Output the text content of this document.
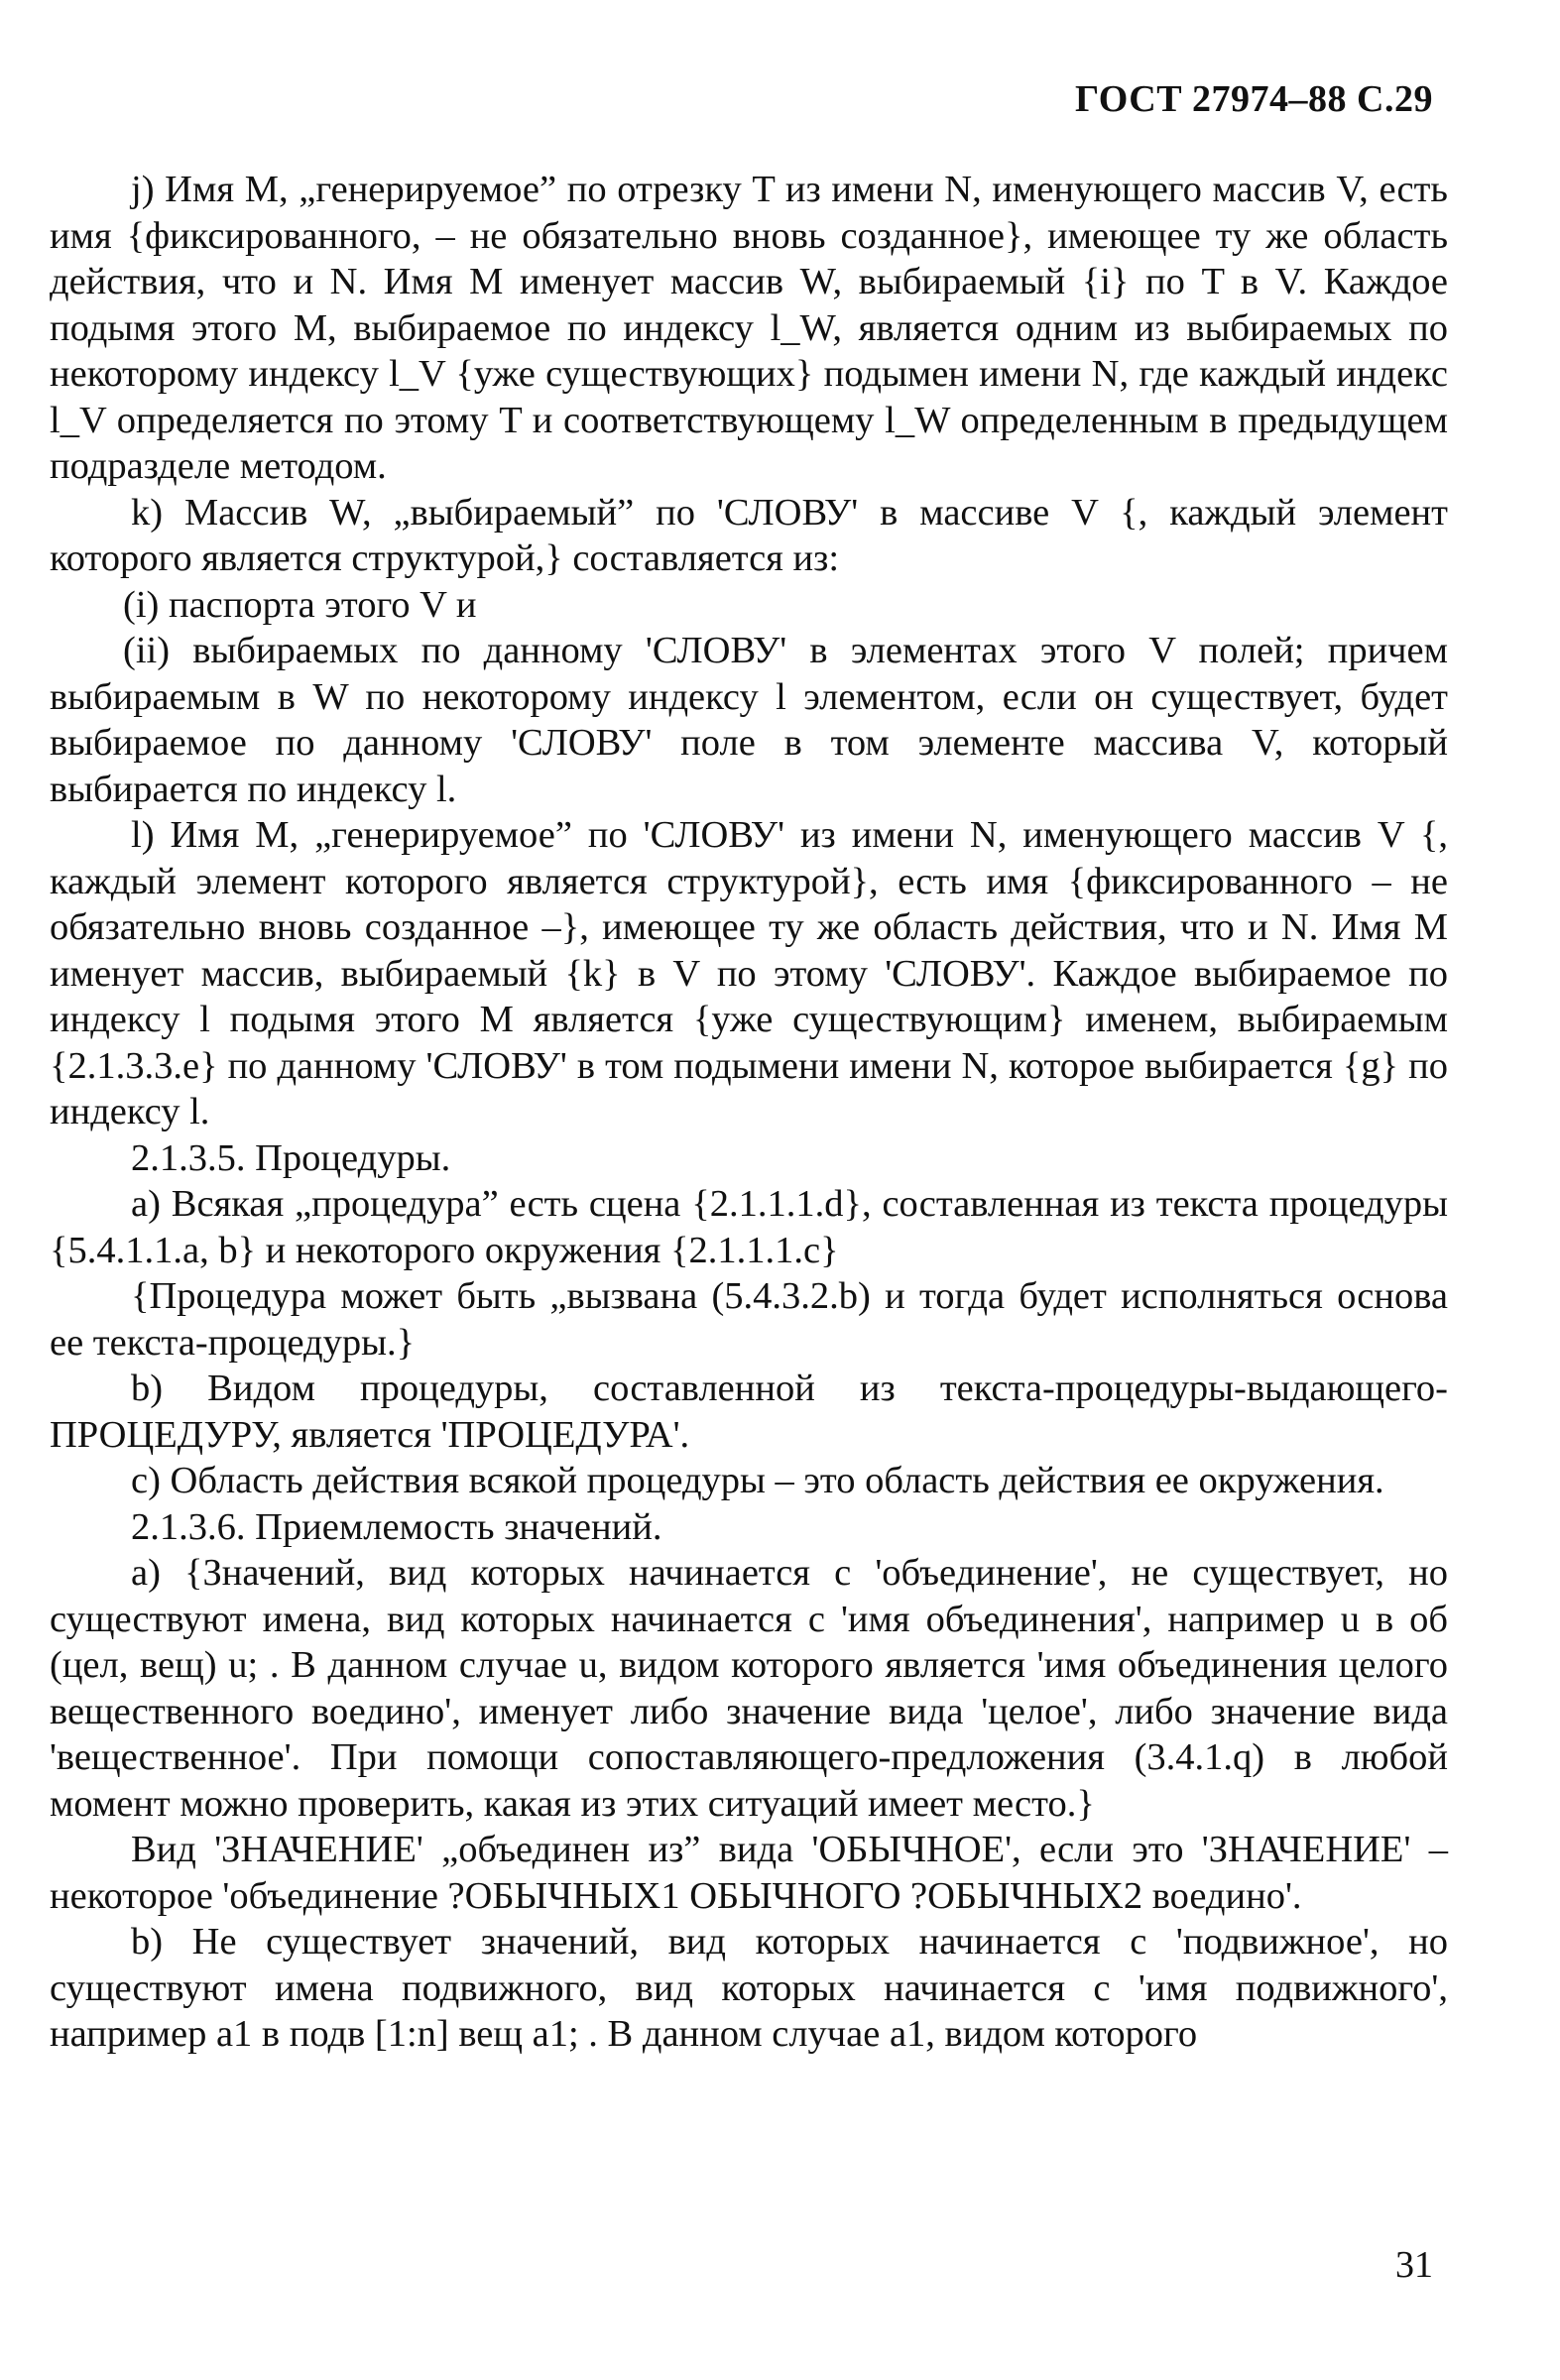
ГОСТ 27974–88 С.29

j) Имя M, „генерируемое” по отрезку T из имени N, именующего массив V, есть имя {фиксированного, – не обязательно вновь созданное}, имеющее ту же область действия, что и N. Имя M именует массив W, выбираемый {i} по T в V. Каждое подымя этого M, выбираемое по индексу l_W, является одним из выбираемых по некоторому индексу l_V {уже существующих} подымен имени N, где каждый индекс l_V определяется по этому T и соответствующему l_W определенным в предыдущем подразделе методом.

k) Массив W, „выбираемый” по 'СЛОВУ' в массиве V {, каждый элемент которого является структурой,} составляется из:

(i) паспорта этого V и

(ii) выбираемых по данному 'СЛОВУ' в элементах этого V полей; причем выбираемым в W по некоторому индексу l элементом, если он существует, будет выбираемое по данному 'СЛОВУ' поле в том элементе массива V, который выбирается по индексу l.

l) Имя M, „генерируемое” по 'СЛОВУ' из имени N, именующего массив V {, каждый элемент которого является структурой}, есть имя {фиксированного – не обязательно вновь созданное –}, имеющее ту же область действия, что и N. Имя M именует массив, выбираемый {k} в V по этому 'СЛОВУ'. Каждое выбираемое по индексу l подымя этого M является {уже существующим} именем, выбираемым {2.1.3.3.e} по данному 'СЛОВУ' в том подымени имени N, которое выбирается {g} по индексу l.

2.1.3.5. Процедуры.

a) Всякая „процедура” есть сцена {2.1.1.1.d}, составленная из текста процедуры {5.4.1.1.a, b} и некоторого окружения {2.1.1.1.c}

{Процедура может быть „вызвана (5.4.3.2.b) и тогда будет исполняться основа ее текста-процедуры.}

b) Видом процедуры, составленной из текста-процедуры-выдающего-ПРОЦЕДУРУ, является 'ПРОЦЕДУРА'.

c) Область действия всякой процедуры – это область действия ее окружения.

2.1.3.6. Приемлемость значений.

a) {Значений, вид которых начинается с 'объединение', не существует, но существуют имена, вид которых начинается с 'имя объединения', например u в об (цел, вещ) u; . В данном случае u, видом которого является 'имя объединения целого вещественного воедино', именует либо значение вида 'целое', либо значение вида 'вещественное'. При помощи сопоставляющего-предложения (3.4.1.q) в любой момент можно проверить, какая из этих ситуаций имеет место.}

Вид 'ЗНАЧЕНИЕ' „объединен из” вида 'ОБЫЧНОЕ', если это 'ЗНАЧЕНИЕ' – некоторое 'объединение ?ОБЫЧНЫХ1 ОБЫЧНОГО ?ОБЫЧНЫХ2 воедино'.

b) Не существует значений, вид которых начинается с 'подвижное', но существуют имена подвижного, вид которых начинается с 'имя подвижного', например a1 в подв [1:n] вещ a1; . В данном случае a1, видом которого

31
